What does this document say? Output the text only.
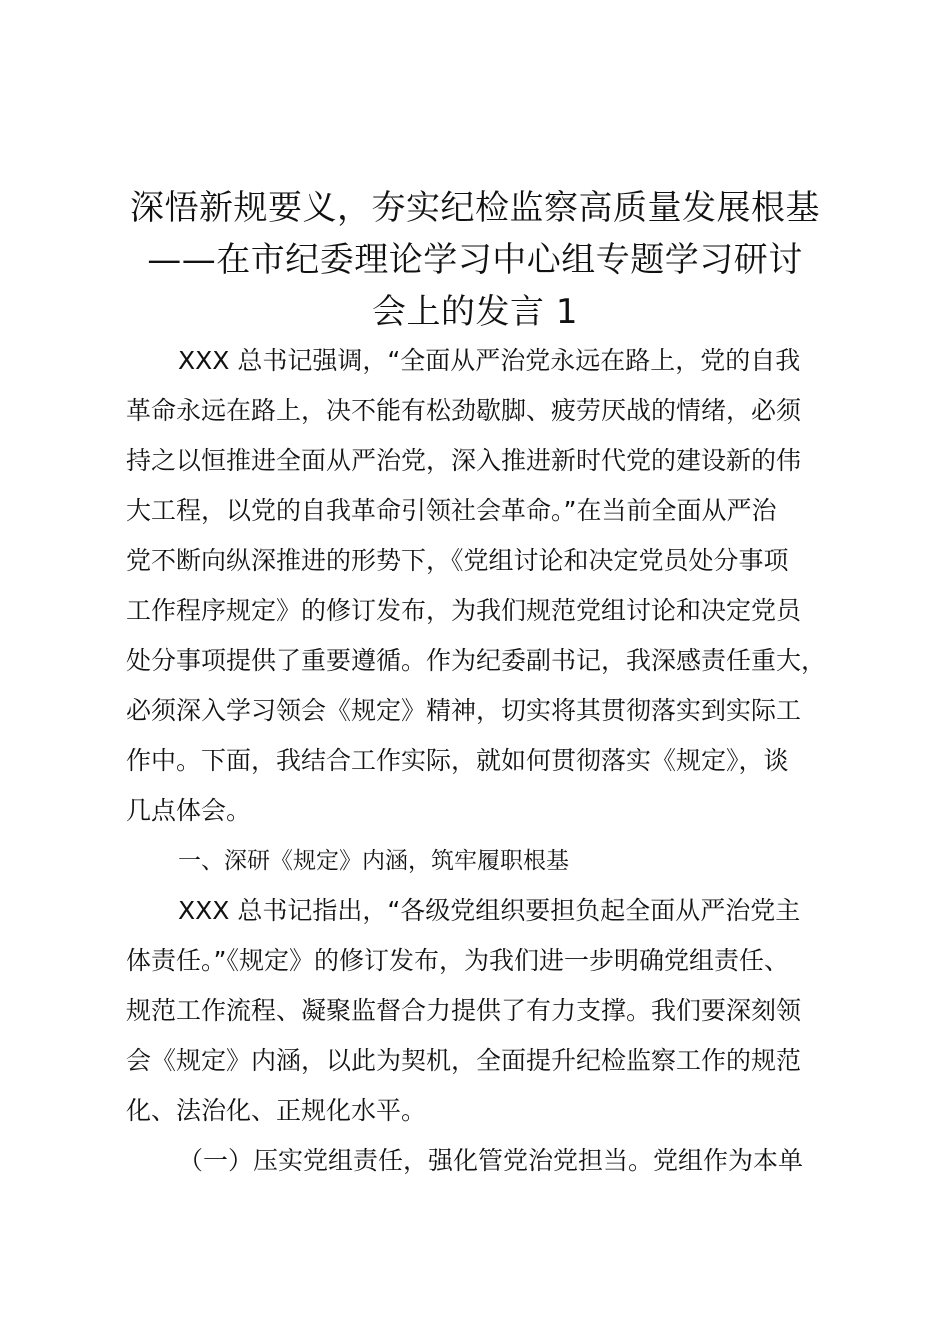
深悟新规要义，夯实纪检监察高质量发展根基
——在市纪委理论学习中心组专题学习研讨
会上的发言 1
XXX 总书记强调，“全面从严治党永远在路上，党的自我
革命永远在路上，决不能有松劲歇脚、疲劳厌战的情绪，必须
持之以恒推进全面从严治党，深入推进新时代党的建设新的伟
大工程，以党的自我革命引领社会革命。”在当前全面从严治
党不断向纵深推进的形势下，《党组讨论和决定党员处分事项
工作程序规定》的修订发布，为我们规范党组讨论和决定党员
处分事项提供了重要遵循。作为纪委副书记，我深感责任重大，
必须深入学习领会《规定》精神，切实将其贯彻落实到实际工
作中。下面，我结合工作实际，就如何贯彻落实《规定》，谈
几点体会。
一、深研《规定》内涵，筑牢履职根基
XXX 总书记指出，“各级党组织要担负起全面从严治党主
体责任。”《规定》的修订发布，为我们进一步明确党组责任、
规范工作流程、凝聚监督合力提供了有力支撑。我们要深刻领
会《规定》内涵，以此为契机，全面提升纪检监察工作的规范
化、法治化、正规化水平。
（一）压实党组责任，强化管党治党担当。党组作为本单
